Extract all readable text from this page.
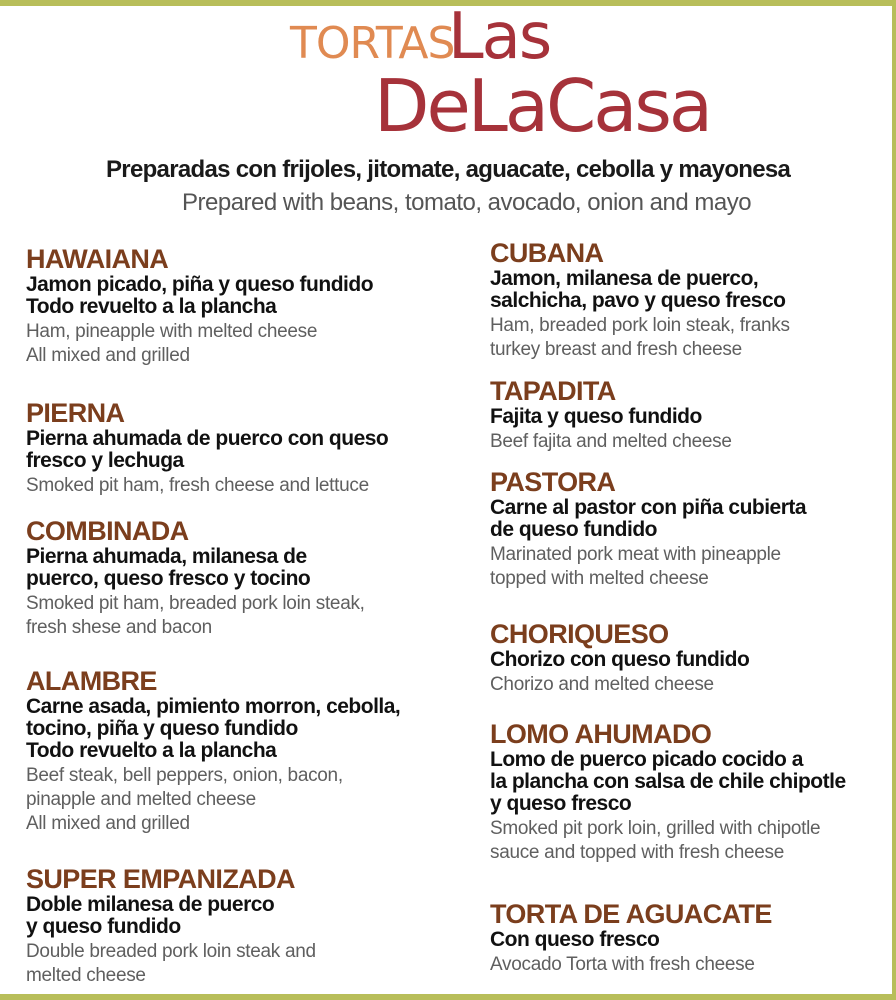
TORTAS
Las
DeLaCasa
Preparadas con frijoles, jitomate, aguacate, cebolla y mayonesa
Prepared with beans, tomato, avocado, onion and mayo
HAWAIANA
Jamon picado, piña y queso fundido
Todo revuelto a la plancha
Ham, pineapple with melted cheese
All mixed and grilled
PIERNA
Pierna ahumada de puerco con queso
fresco y lechuga
Smoked pit ham, fresh cheese and lettuce
COMBINADA
Pierna ahumada, milanesa de
puerco, queso fresco y tocino
Smoked pit ham, breaded pork loin steak,
fresh shese and bacon
ALAMBRE
Carne asada, pimiento morron, cebolla,
tocino, piña y queso fundido
Todo revuelto a la plancha
Beef steak, bell peppers, onion, bacon,
pinapple and melted cheese
All mixed and grilled
SUPER EMPANIZADA
Doble milanesa de puerco
y queso fundido
Double breaded pork loin steak and
melted cheese
CUBANA
Jamon, milanesa de puerco,
salchicha, pavo y queso fresco
Ham, breaded pork loin steak, franks
turkey breast and fresh cheese
TAPADITA
Fajita y queso fundido
Beef fajita and melted cheese
PASTORA
Carne al pastor con piña cubierta
de queso fundido
Marinated pork meat with pineapple
topped with melted cheese
CHORIQUESO
Chorizo con queso fundido
Chorizo and melted cheese
LOMO AHUMADO
Lomo de puerco picado cocido a
la plancha con salsa de chile chipotle
y queso fresco
Smoked pit pork loin, grilled with chipotle
sauce and topped with fresh cheese
TORTA DE AGUACATE
Con queso fresco
Avocado Torta with fresh cheese
